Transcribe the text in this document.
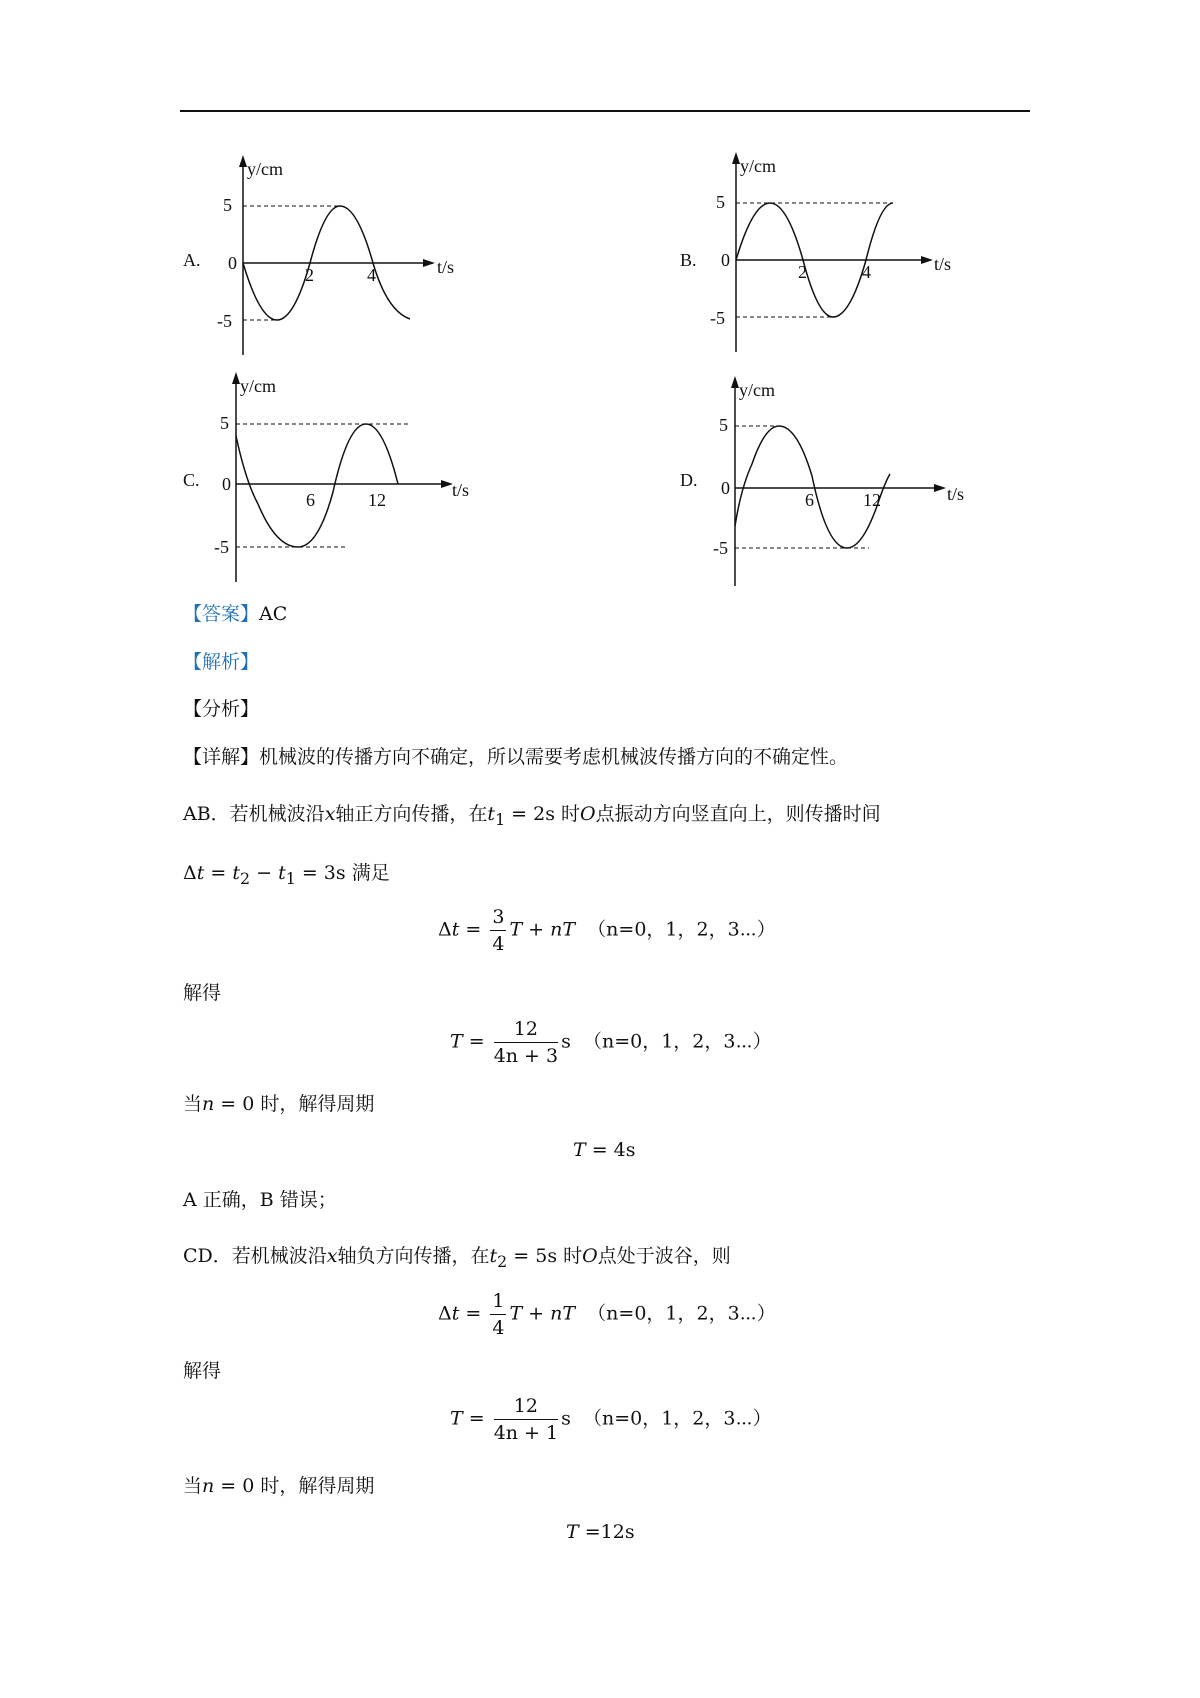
A.
y/cm
t/s
5
-5
0
2	4
B.
y/cm
t/s
5
-5
0
2	4
C.
y/cm
t/s
5
-5
0
6	12
D.
y/cm
t/s
5
-5
0
6	12
【答案】AC
【解析】
【分析】
【详解】机械波的传播方向不确定，所以需要考虑机械波传播方向的不确定性。
AB．若机械波沿x轴正方向传播，在$t_1 = 2s$ 时O点振动方向竖直向上，则传播时间
$\Delta t = t_2 - t_1 = 3s$ 满足
$\Delta t = \frac{3}{4}$ T + nT （n=0，1，2，3⋯）
解得
$T = \frac{12}{4n + 3}$ s （n=0，1，2，3⋯）
当n = 0 时，解得周期
T = 4s
A 正确，B 错误；
CD．若机械波沿x轴负方向传播，在$t_2 = 5s$ 时O点处于波谷，则
$\Delta t = \frac{1}{4}$ T + nT （n=0，1，2，3⋯）
解得
$T = \frac{12}{4n + 1}$ s （n=0，1，2，3⋯）
当n = 0 时，解得周期
T =12s
